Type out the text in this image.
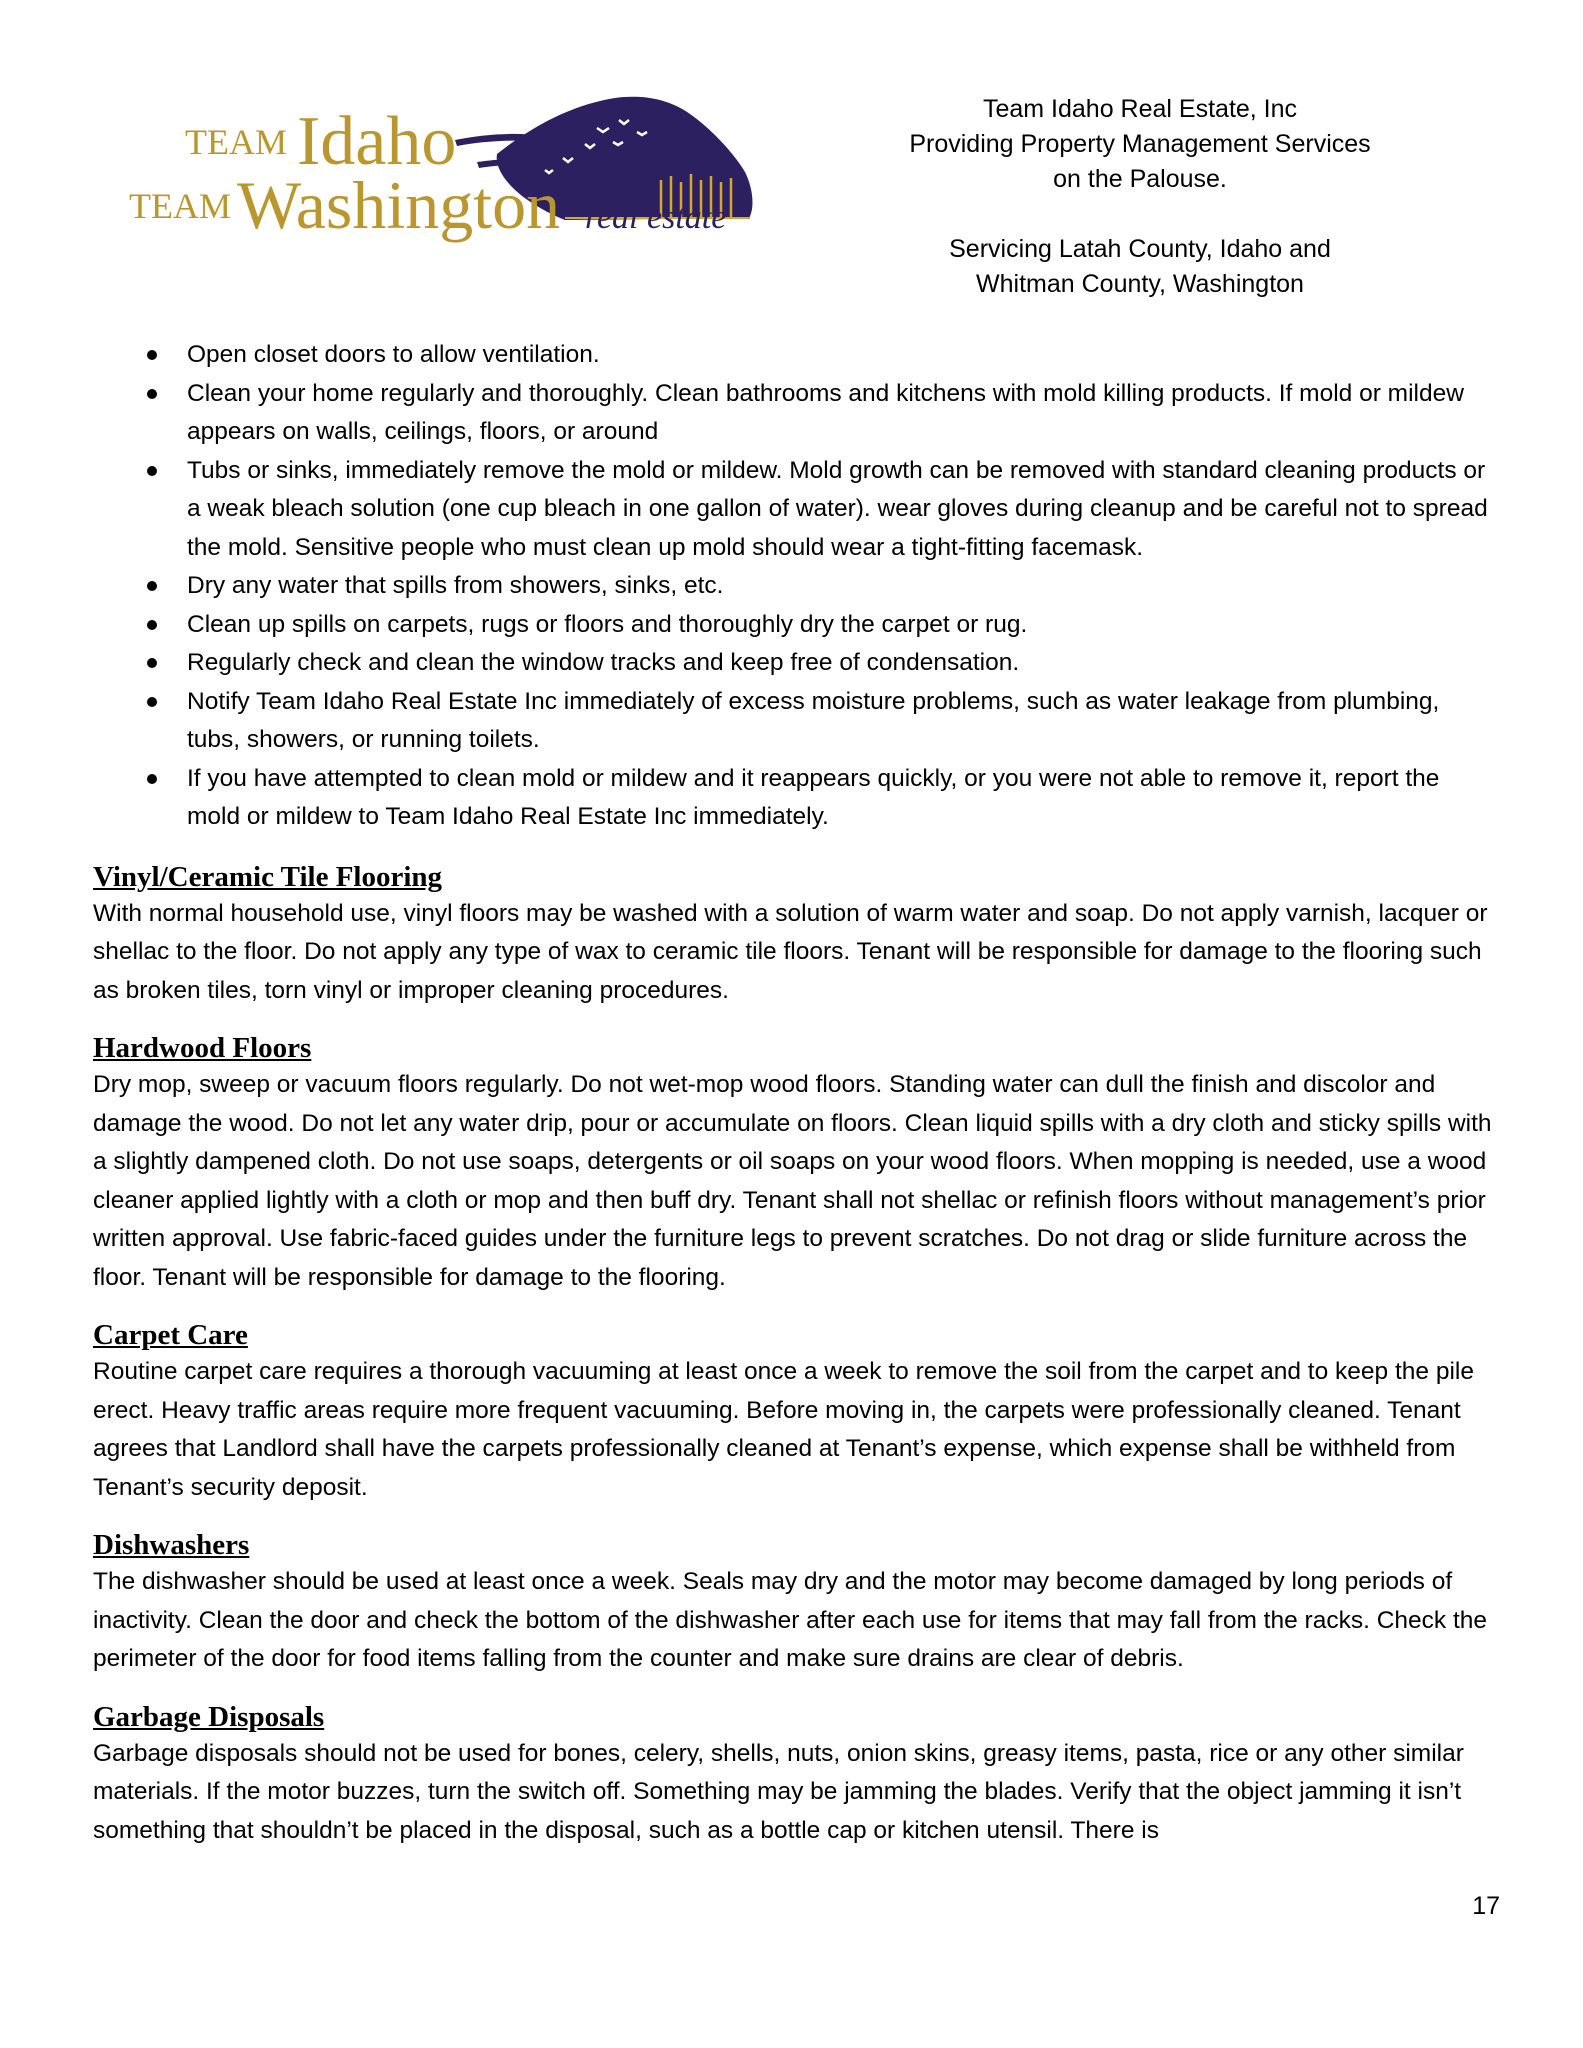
TEAM Idaho
TEAM Washington real estate
Team Idaho Real Estate, Inc
Providing Property Management Services
on the Palouse.
Servicing Latah County, Idaho and
Whitman County, Washington
Open closet doors to allow ventilation.
Clean your home regularly and thoroughly. Clean bathrooms and kitchens with mold killing products. If mold or mildew appears on walls, ceilings, floors, or around
Tubs or sinks, immediately remove the mold or mildew. Mold growth can be removed with standard cleaning products or a weak bleach solution (one cup bleach in one gallon of water). wear gloves during cleanup and be careful not to spread the mold. Sensitive people who must clean up mold should wear a tight-fitting facemask.
Dry any water that spills from showers, sinks, etc.
Clean up spills on carpets, rugs or floors and thoroughly dry the carpet or rug.
Regularly check and clean the window tracks and keep free of condensation.
Notify Team Idaho Real Estate Inc immediately of excess moisture problems, such as water leakage from plumbing, tubs, showers, or running toilets.
If you have attempted to clean mold or mildew and it reappears quickly, or you were not able to remove it, report the mold or mildew to Team Idaho Real Estate Inc immediately.
Vinyl/Ceramic Tile Flooring

With normal household use, vinyl floors may be washed with a solution of warm water and soap. Do not apply varnish, lacquer or shellac to the floor. Do not apply any type of wax to ceramic tile floors. Tenant will be responsible for damage to the flooring such as broken tiles, torn vinyl or improper cleaning procedures.

Hardwood Floors

Dry mop, sweep or vacuum floors regularly. Do not wet-mop wood floors. Standing water can dull the finish and discolor and damage the wood. Do not let any water drip, pour or accumulate on floors. Clean liquid spills with a dry cloth and sticky spills with a slightly dampened cloth. Do not use soaps, detergents or oil soaps on your wood floors. When mopping is needed, use a wood cleaner applied lightly with a cloth or mop and then buff dry. Tenant shall not shellac or refinish floors without management’s prior written approval. Use fabric-faced guides under the furniture legs to prevent scratches. Do not drag or slide furniture across the floor. Tenant will be responsible for damage to the flooring.

Carpet Care

Routine carpet care requires a thorough vacuuming at least once a week to remove the soil from the carpet and to keep the pile erect. Heavy traffic areas require more frequent vacuuming. Before moving in, the carpets were professionally cleaned. Tenant agrees that Landlord shall have the carpets professionally cleaned at Tenant’s expense, which expense shall be withheld from Tenant’s security deposit.

Dishwashers

The dishwasher should be used at least once a week. Seals may dry and the motor may become damaged by long periods of inactivity. Clean the door and check the bottom of the dishwasher after each use for items that may fall from the racks. Check the perimeter of the door for food items falling from the counter and make sure drains are clear of debris.

Garbage Disposals

Garbage disposals should not be used for bones, celery, shells, nuts, onion skins, greasy items, pasta, rice or any other similar materials. If the motor buzzes, turn the switch off. Something may be jamming the blades. Verify that the object jamming it isn’t something that shouldn’t be placed in the disposal, such as a bottle cap or kitchen utensil. There is

17
